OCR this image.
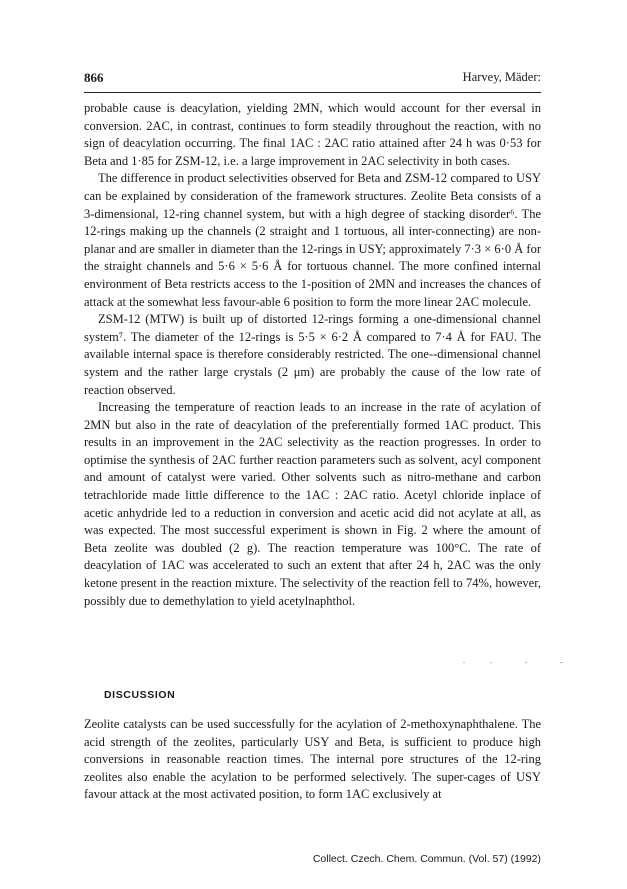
866	Harvey, Mäder:

probable cause is deacylation, yielding 2MN, which would account for ther eversal in conversion. 2AC, in contrast, continues to form steadily throughout the reaction, with no sign of deacylation occurring. The final 1AC : 2AC ratio attained after 24 h was 0·53 for Beta and 1·85 for ZSM-12, i.e. a large improvement in 2AC selectivity in both cases.

The difference in product selectivities observed for Beta and ZSM-12 compared to USY can be explained by consideration of the framework structures. Zeolite Beta consists of a 3-dimensional, 12-ring channel system, but with a high degree of stacking disorder⁶. The 12-rings making up the channels (2 straight and 1 tortuous, all inter-connecting) are non-planar and are smaller in diameter than the 12-rings in USY; approximately 7·3 × 6·0 Å for the straight channels and 5·6 × 5·6 Å for tortuous channel. The more confined internal environment of Beta restricts access to the 1-position of 2MN and increases the chances of attack at the somewhat less favour-able 6 position to form the more linear 2AC molecule.

ZSM-12 (MTW) is built up of distorted 12-rings forming a one-dimensional channel system⁷. The diameter of the 12-rings is 5·5 × 6·2 Å compared to 7·4 Å for FAU. The available internal space is therefore considerably restricted. The one--dimensional channel system and the rather large crystals (2 μm) are probably the cause of the low rate of reaction observed.

Increasing the temperature of reaction leads to an increase in the rate of acylation of 2MN but also in the rate of deacylation of the preferentially formed 1AC product. This results in an improvement in the 2AC selectivity as the reaction progresses. In order to optimise the synthesis of 2AC further reaction parameters such as solvent, acyl component and amount of catalyst were varied. Other solvents such as nitro-methane and carbon tetrachloride made little difference to the 1AC : 2AC ratio. Acetyl chloride inplace of acetic anhydride led to a reduction in conversion and acetic acid did not acylate at all, as was expected. The most successful experiment is shown in Fig. 2 where the amount of Beta zeolite was doubled (2 g). The reaction temperature was 100°C. The rate of deacylation of 1AC was accelerated to such an extent that after 24 h, 2AC was the only ketone present in the reaction mixture. The selectivity of the reaction fell to 74%, however, possibly due to demethylation to yield acetylnaphthol.

DISCUSSION

Zeolite catalysts can be used successfully for the acylation of 2-methoxynaphthalene. The acid strength of the zeolites, particularly USY and Beta, is sufficient to produce high conversions in reasonable reaction times. The internal pore structures of the 12-ring zeolites also enable the acylation to be performed selectively. The super-cages of USY favour attack at the most activated position, to form 1AC exclusively at

Collect. Czech. Chem. Commun. (Vol. 57) (1992)
